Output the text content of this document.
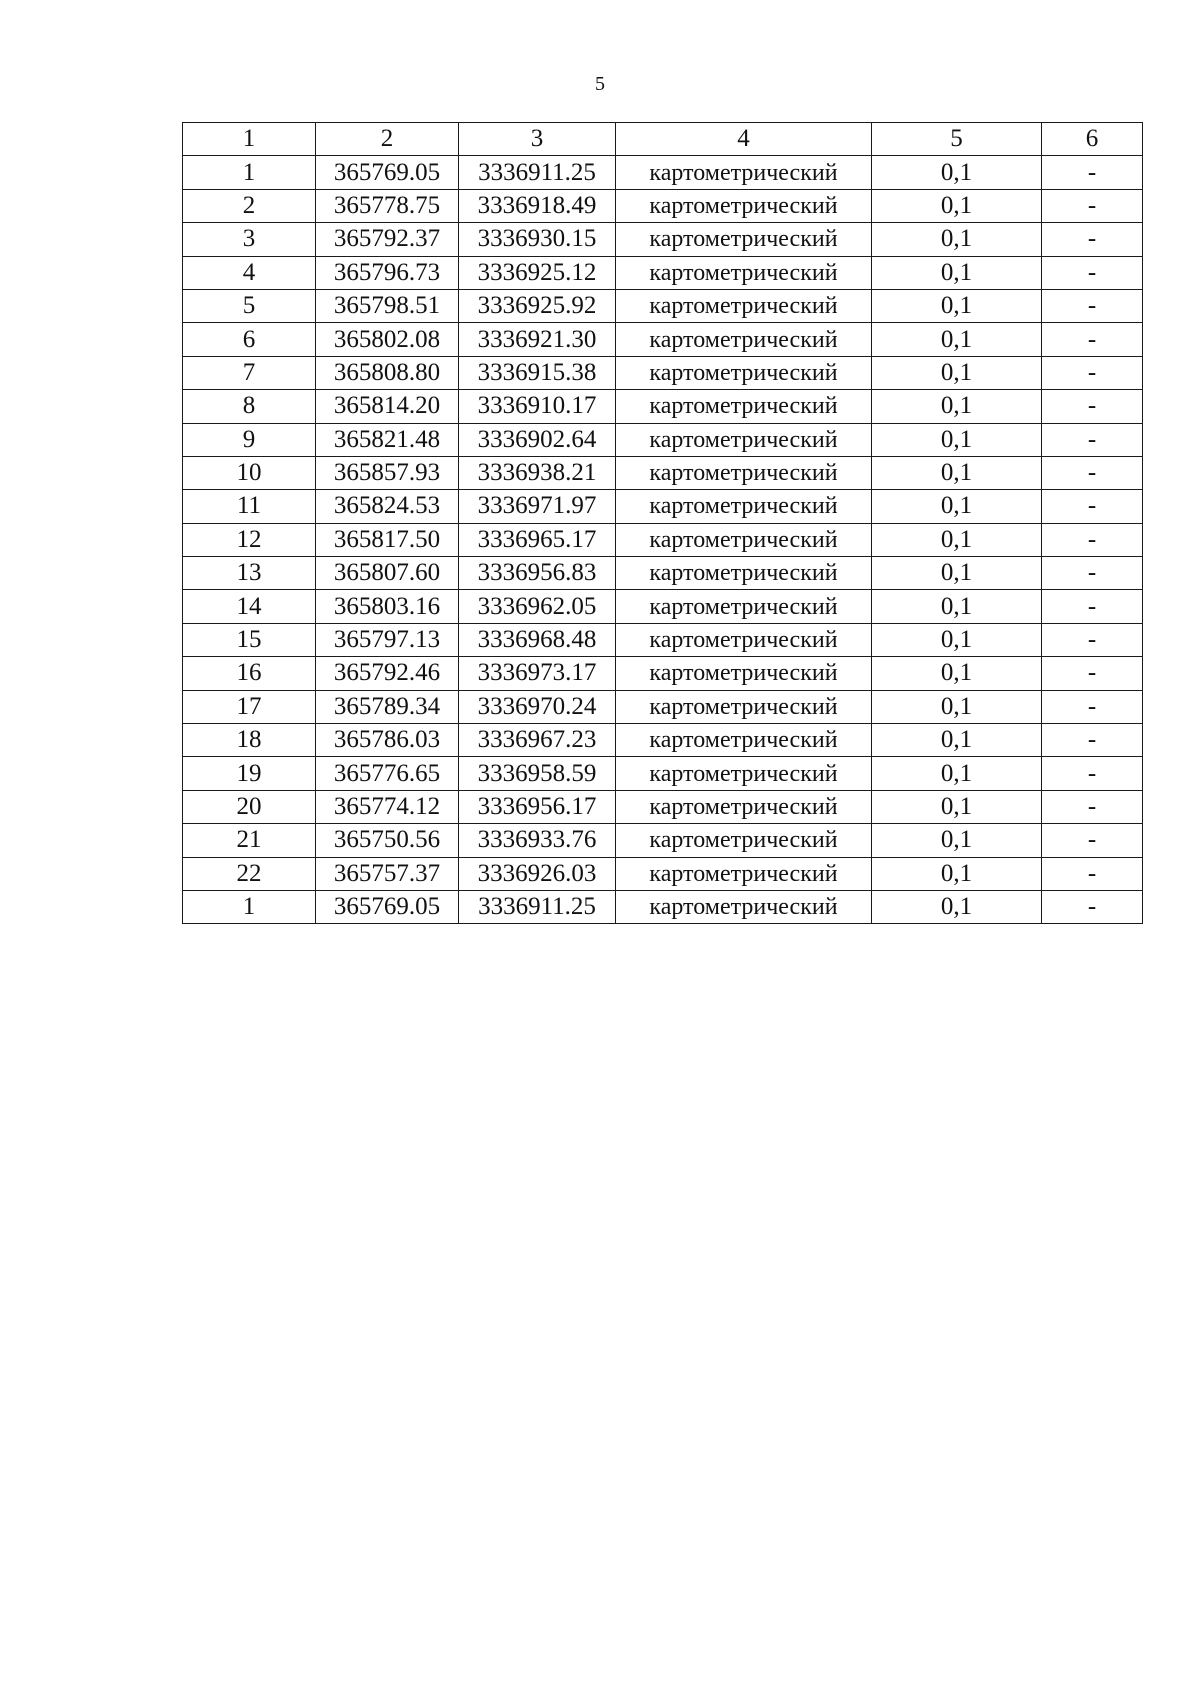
5
1	2	3	4	5	6
1	365769.05	3336911.25	картометрический	0,1	-
2	365778.75	3336918.49	картометрический	0,1	-
3	365792.37	3336930.15	картометрический	0,1	-
4	365796.73	3336925.12	картометрический	0,1	-
5	365798.51	3336925.92	картометрический	0,1	-
6	365802.08	3336921.30	картометрический	0,1	-
7	365808.80	3336915.38	картометрический	0,1	-
8	365814.20	3336910.17	картометрический	0,1	-
9	365821.48	3336902.64	картометрический	0,1	-
10	365857.93	3336938.21	картометрический	0,1	-
11	365824.53	3336971.97	картометрический	0,1	-
12	365817.50	3336965.17	картометрический	0,1	-
13	365807.60	3336956.83	картометрический	0,1	-
14	365803.16	3336962.05	картометрический	0,1	-
15	365797.13	3336968.48	картометрический	0,1	-
16	365792.46	3336973.17	картометрический	0,1	-
17	365789.34	3336970.24	картометрический	0,1	-
18	365786.03	3336967.23	картометрический	0,1	-
19	365776.65	3336958.59	картометрический	0,1	-
20	365774.12	3336956.17	картометрический	0,1	-
21	365750.56	3336933.76	картометрический	0,1	-
22	365757.37	3336926.03	картометрический	0,1	-
1	365769.05	3336911.25	картометрический	0,1	-
